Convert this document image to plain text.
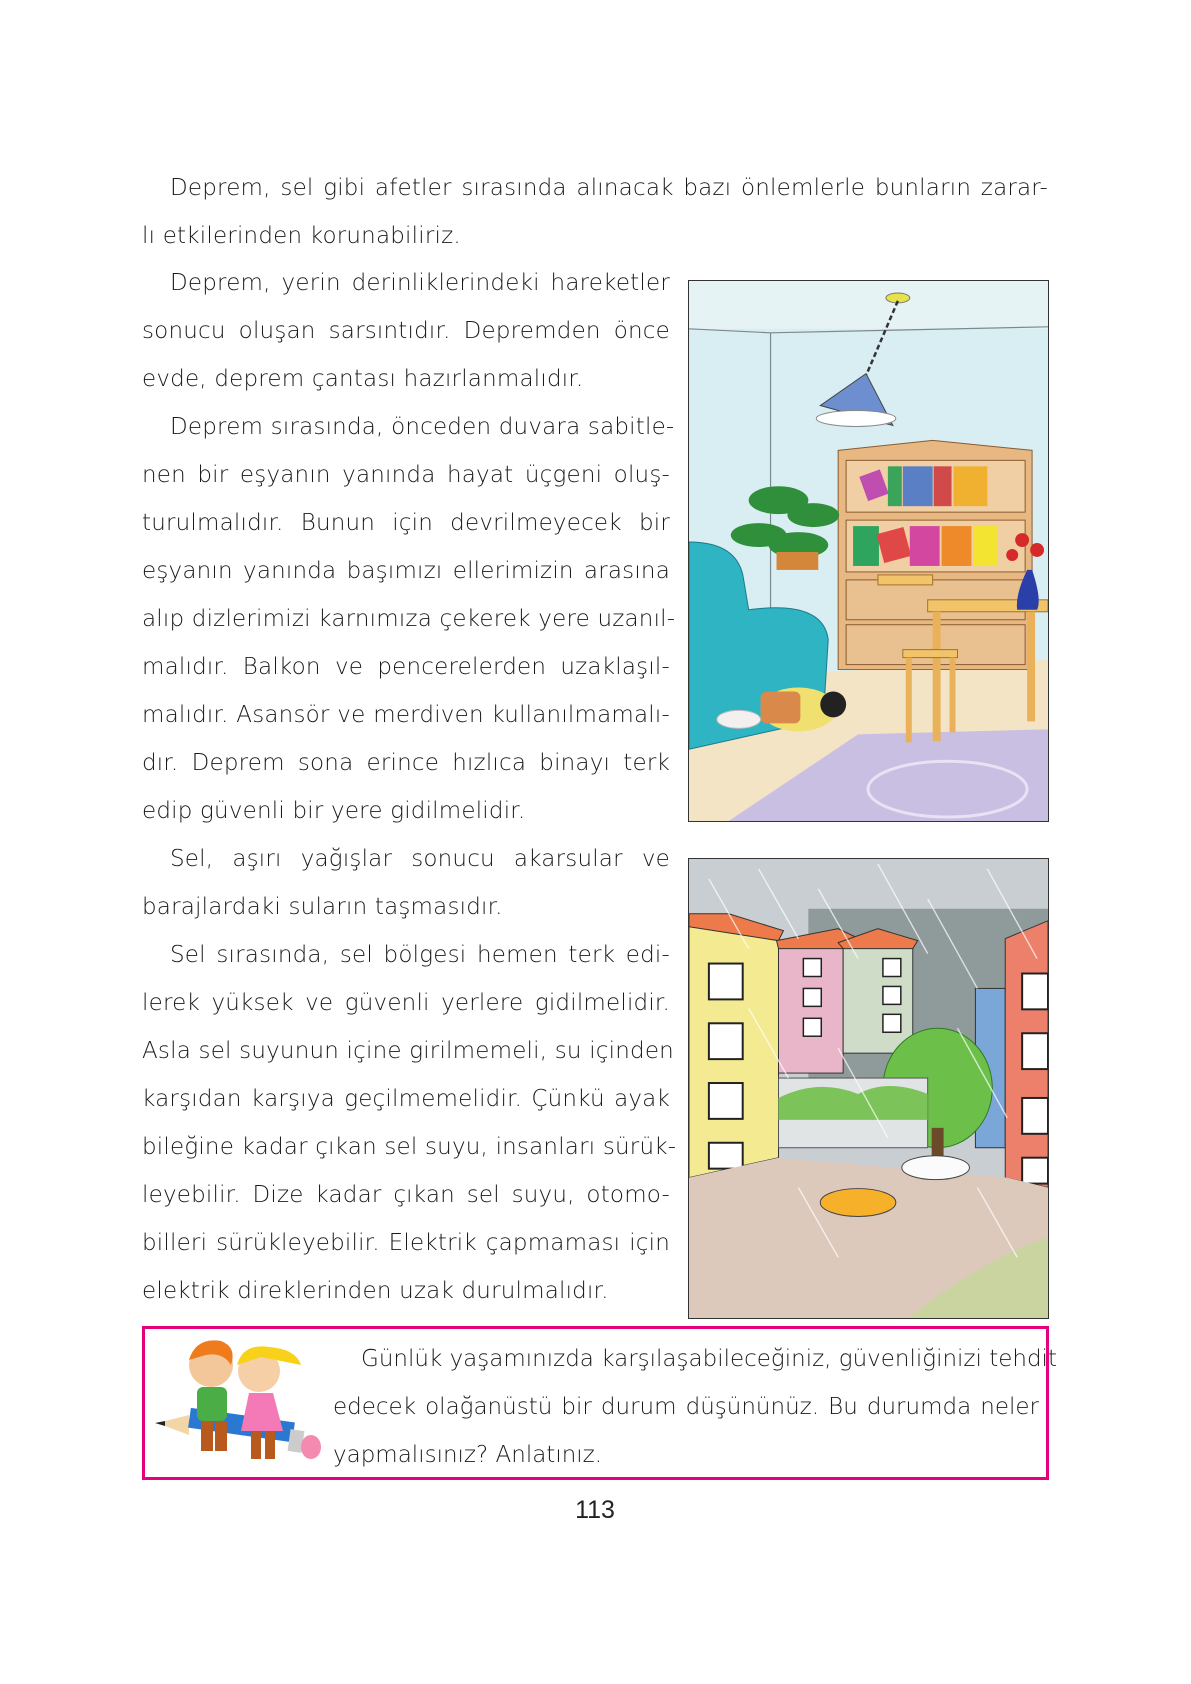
Deprem, sel gibi afetler sırasında alınacak bazı önlemlerle bunların zarar-
lı etkilerinden korunabiliriz.
Deprem, yerin derinliklerindeki hareketler
sonucu oluşan sarsıntıdır. Depremden önce
evde, deprem çantası hazırlanmalıdır.
Deprem sırasında, önceden duvara sabitle-
nen bir eşyanın yanında hayat üçgeni oluş-
turulmalıdır. Bunun için devrilmeyecek bir
eşyanın yanında başımızı ellerimizin arasına
alıp dizlerimizi karnımıza çekerek yere uzanıl-
malıdır. Balkon ve pencerelerden uzaklaşıl-
malıdır. Asansör ve merdiven kullanılmamalı-
dır. Deprem sona erince hızlıca binayı terk
edip güvenli bir yere gidilmelidir.
Sel, aşırı yağışlar sonucu akarsular ve
barajlardaki suların taşmasıdır.
Sel sırasında, sel bölgesi hemen terk edi-
lerek yüksek ve güvenli yerlere gidilmelidir.
Asla sel suyunun içine girilmemeli, su içinden
karşıdan karşıya geçilmemelidir. Çünkü ayak
bileğine kadar çıkan sel suyu, insanları sürük-
leyebilir. Dize kadar çıkan sel suyu, otomo-
billeri sürükleyebilir. Elektrik çapmaması için
elektrik direklerinden uzak durulmalıdır.
Günlük yaşamınızda karşılaşabileceğiniz, güvenliğinizi tehdit
edecek olağanüstü bir durum düşününüz. Bu durumda neler
yapmalısınız? Anlatınız.
113
